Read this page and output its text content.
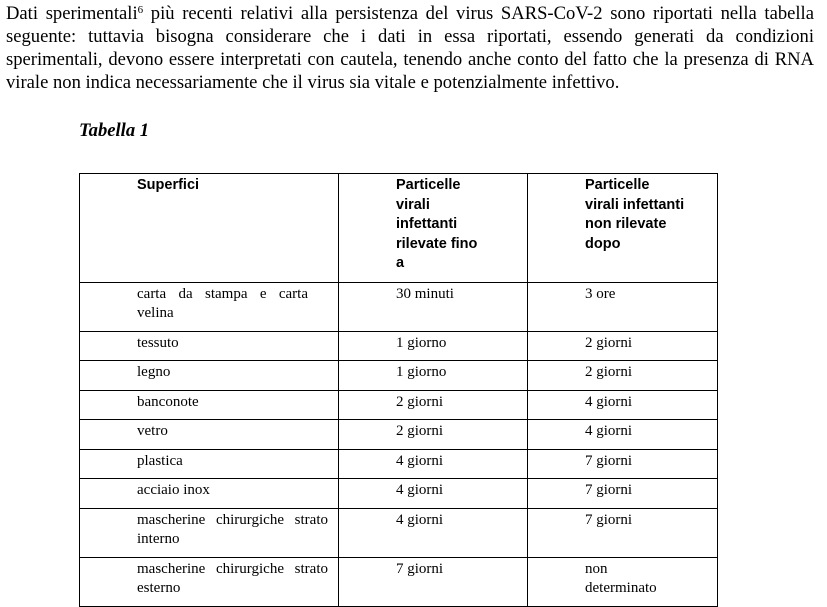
Dati sperimentali$^6$ più recenti relativi alla persistenza del virus SARS-CoV-2 sono riportati nella tabella seguente: tuttavia bisogna considerare che i dati in essa riportati, essendo generati da condizioni sperimentali, devono essere interpretati con cautela, tenendo anche conto del fatto che la presenza di RNA virale non indica necessariamente che il virus sia vitale e potenzialmente infettivo.

Tabella 1

Superfici	Particelle virali infettanti rilevate fino a	Particelle virali infettanti non rilevate dopo
carta da stampa e carta velina	30 minuti	3 ore
tessuto	1 giorno	2 giorni
legno	1 giorno	2 giorni
banconote	2 giorni	4 giorni
vetro	2 giorni	4 giorni
plastica	4 giorni	7 giorni
acciaio inox	4 giorni	7 giorni
mascherine chirurgiche strato interno	4 giorni	7 giorni
mascherine chirurgiche strato esterno	7 giorni	non determinato
